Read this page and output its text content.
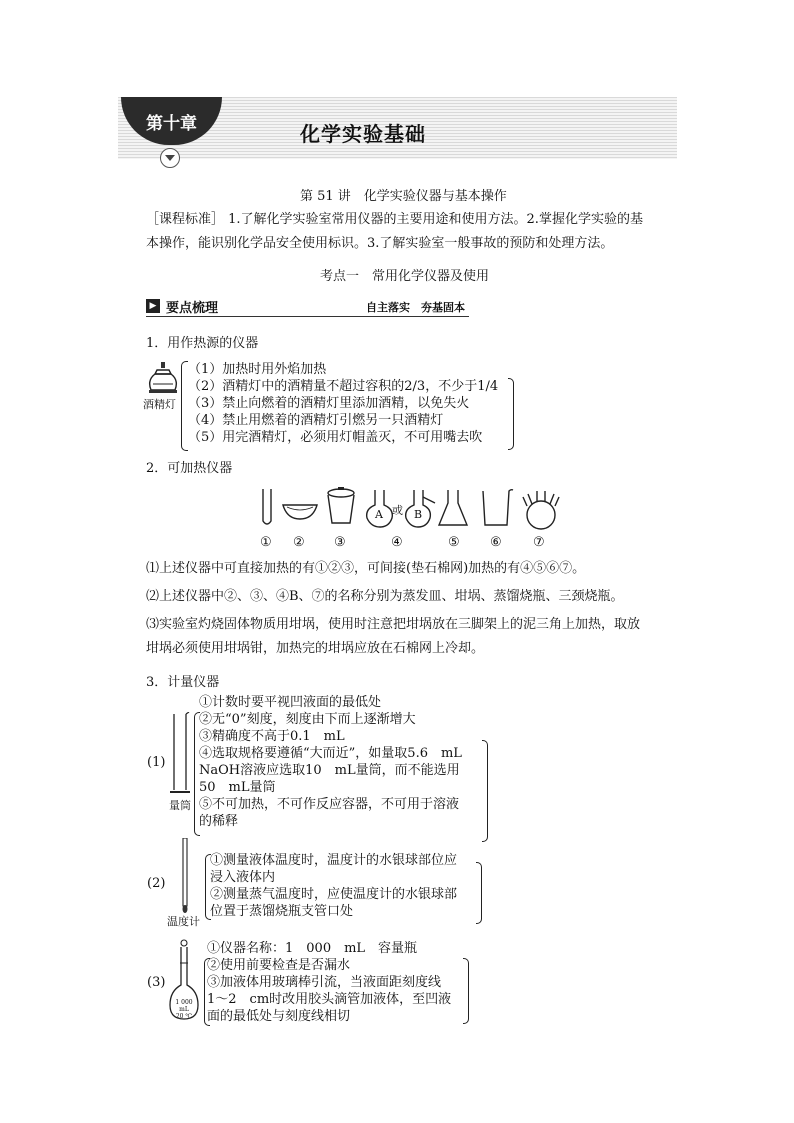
第十章	化学实验基础
第 51 讲　化学实验仪器与基本操作
［课程标准］ 1.了解化学实验室常用仪器的主要用途和使用方法。2.掌握化学实验的基
本操作，能识别化学品安全使用标识。3.了解实验室一般事故的预防和处理方法。
考点一　常用化学仪器及使用
▶ 要点梳理	自主落实　夯基固本
1．用作热源的仪器
酒精灯
（1）加热时用外焰加热
（2）酒精灯中的酒精量不超过容积的2/3，不少于1/4
（3）禁止向燃着的酒精灯里添加酒精，以免失火
（4）禁止用燃着的酒精灯引燃另一只酒精灯
（5）用完酒精灯，必须用灯帽盖灭，不可用嘴去吹
2．可加热仪器
A	B
或
① ② ③	④	⑤ ⑥ ⑦
⑴上述仪器中可直接加热的有①②③，可间接(垫石棉网)加热的有④⑤⑥⑦。
⑵上述仪器中②、③、④B、⑦的名称分别为蒸发皿、坩埚、蒸馏烧瓶、三颈烧瓶。
⑶实验室灼烧固体物质用坩埚，使用时注意把坩埚放在三脚架上的泥三角上加热，取放
坩埚必须使用坩埚钳，加热完的坩埚应放在石棉网上冷却。
3．计量仪器
(1)
量筒
①计数时要平视凹液面的最低处
②无“0”刻度，刻度由下而上逐渐增大
③精确度不高于0.1　mL
④选取规格要遵循“大而近”，如量取5.6　mL
NaOH溶液应选取10　mL量筒，而不能选用
50　mL量筒
⑤不可加热，不可作反应容器，不可用于溶液
的稀释
(2)
温度计
①测量液体温度时，温度计的水银球部位应
浸入液体内
②测量蒸气温度时，应使温度计的水银球部
位置于蒸馏烧瓶支管口处
(3)
1 000 mL
20 ℃
①仪器名称：1　000　mL　容量瓶
②使用前要检查是否漏水
③加液体用玻璃棒引流，当液面距刻度线
1～2　cm时改用胶头滴管加液体，至凹液
面的最低处与刻度线相切
